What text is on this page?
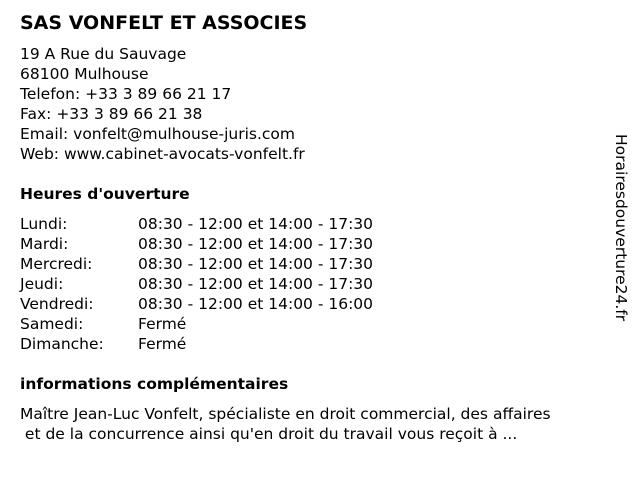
SAS VONFELT ET ASSOCIES
19 A Rue du Sauvage
68100 Mulhouse
Telefon: +33 3 89 66 21 17
Fax: +33 3 89 66 21 38
Email: vonfelt@mulhouse-juris.com
Web: www.cabinet-avocats-vonfelt.fr
Heures d'ouverture
Lundi:	08:30 - 12:00 et 14:00 - 17:30
Mardi:	08:30 - 12:00 et 14:00 - 17:30
Mercredi:	08:30 - 12:00 et 14:00 - 17:30
Jeudi:	08:30 - 12:00 et 14:00 - 17:30
Vendredi:	08:30 - 12:00 et 14:00 - 16:00
Samedi:	Fermé
Dimanche: Fermé
informations complémentaires
Maître Jean-Luc Vonfelt, spécialiste en droit commercial, des affaires
et de la concurrence ainsi qu'en droit du travail vous reçoit à ...
Horairesdouverture24.fr
